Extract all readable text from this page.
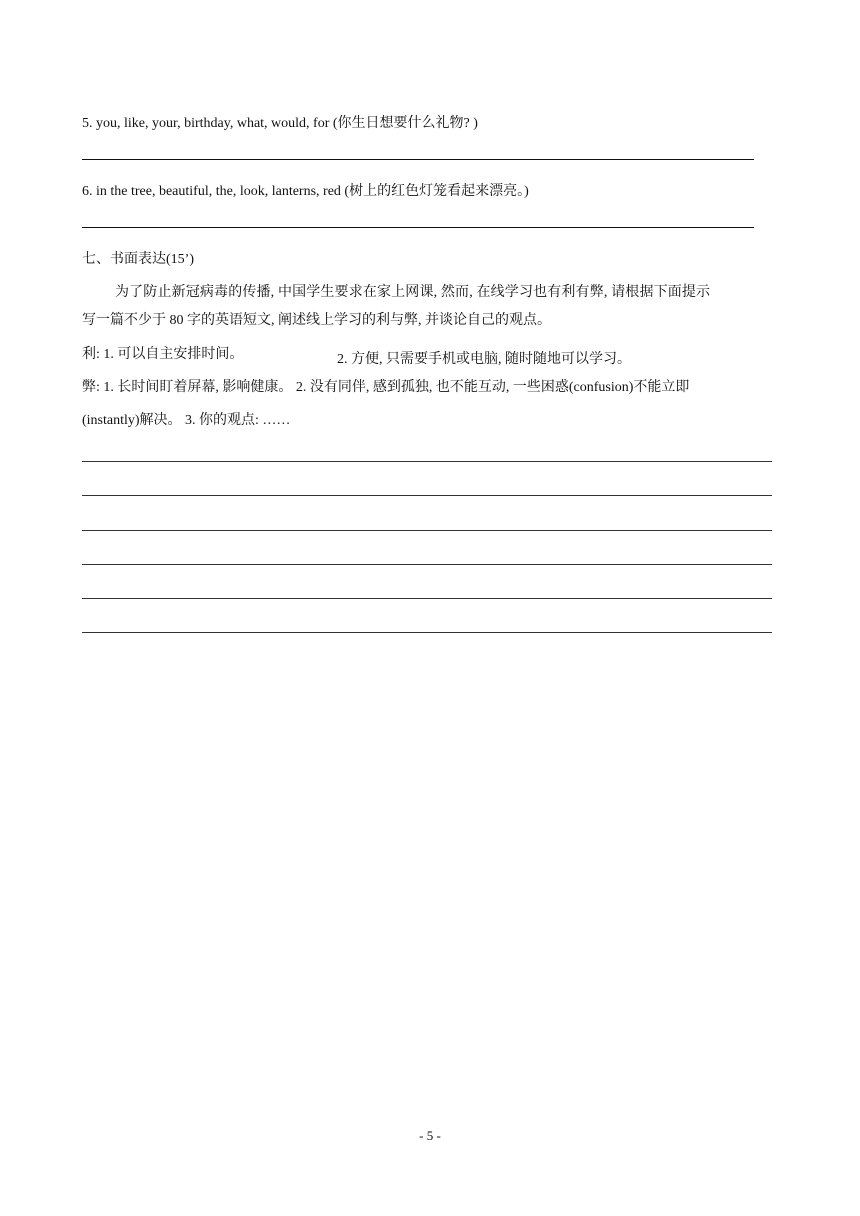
5. you, like, your, birthday, what, would, for (你生日想要什么礼物? )
6. in the tree, beautiful, the, look, lanterns, red (树上的红色灯笼看起来漂亮。)
七、书面表达(15’)
为了防止新冠病毒的传播, 中国学生要求在家上网课, 然而, 在线学习也有利有弊, 请根据下面提示
写一篇不少于 80 字的英语短文, 阐述线上学习的利与弊, 并谈论自己的观点。
利: 1. 可以自主安排时间。	2. 方便, 只需要手机或电脑, 随时随地可以学习。
弊: 1. 长时间盯着屏幕, 影响健康。 2. 没有同伴, 感到孤独, 也不能互动, 一些困惑(confusion)不能立即
(instantly)解决。 3. 你的观点: ……
- 5 -
